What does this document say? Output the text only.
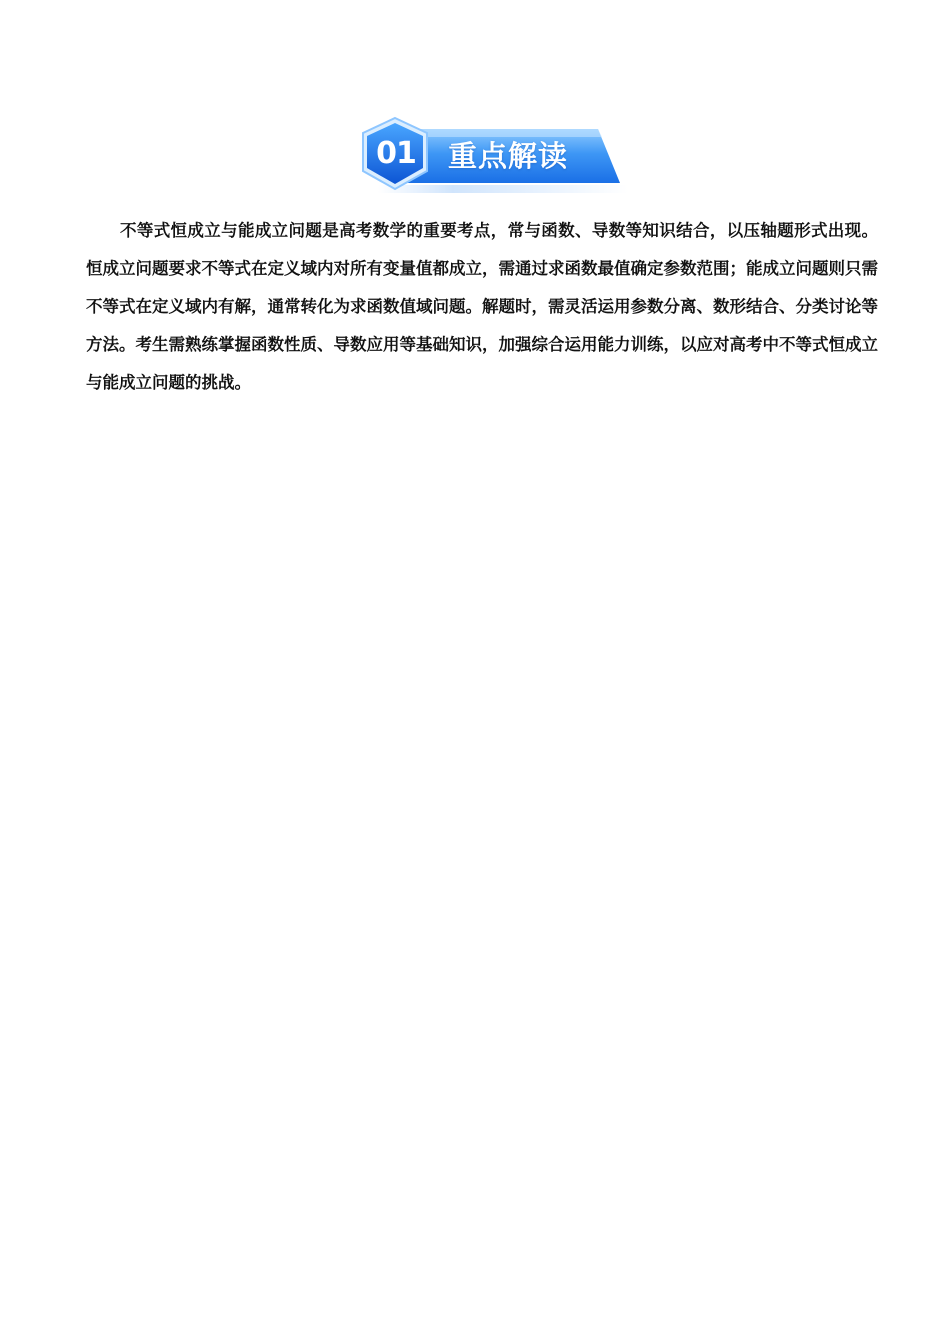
01	重点解读

不等式恒成立与能成立问题是高考数学的重要考点，常与函数、导数等知识结合，以压轴题形式出现。恒成立问题要求不等式在定义域内对所有变量值都成立，需通过求函数最值确定参数范围；能成立问题则只需不等式在定义域内有解，通常转化为求函数值域问题。解题时，需灵活运用参数分离、数形结合、分类讨论等方法。考生需熟练掌握函数性质、导数应用等基础知识，加强综合运用能力训练，以应对高考中不等式恒成立与能成立问题的挑战。
